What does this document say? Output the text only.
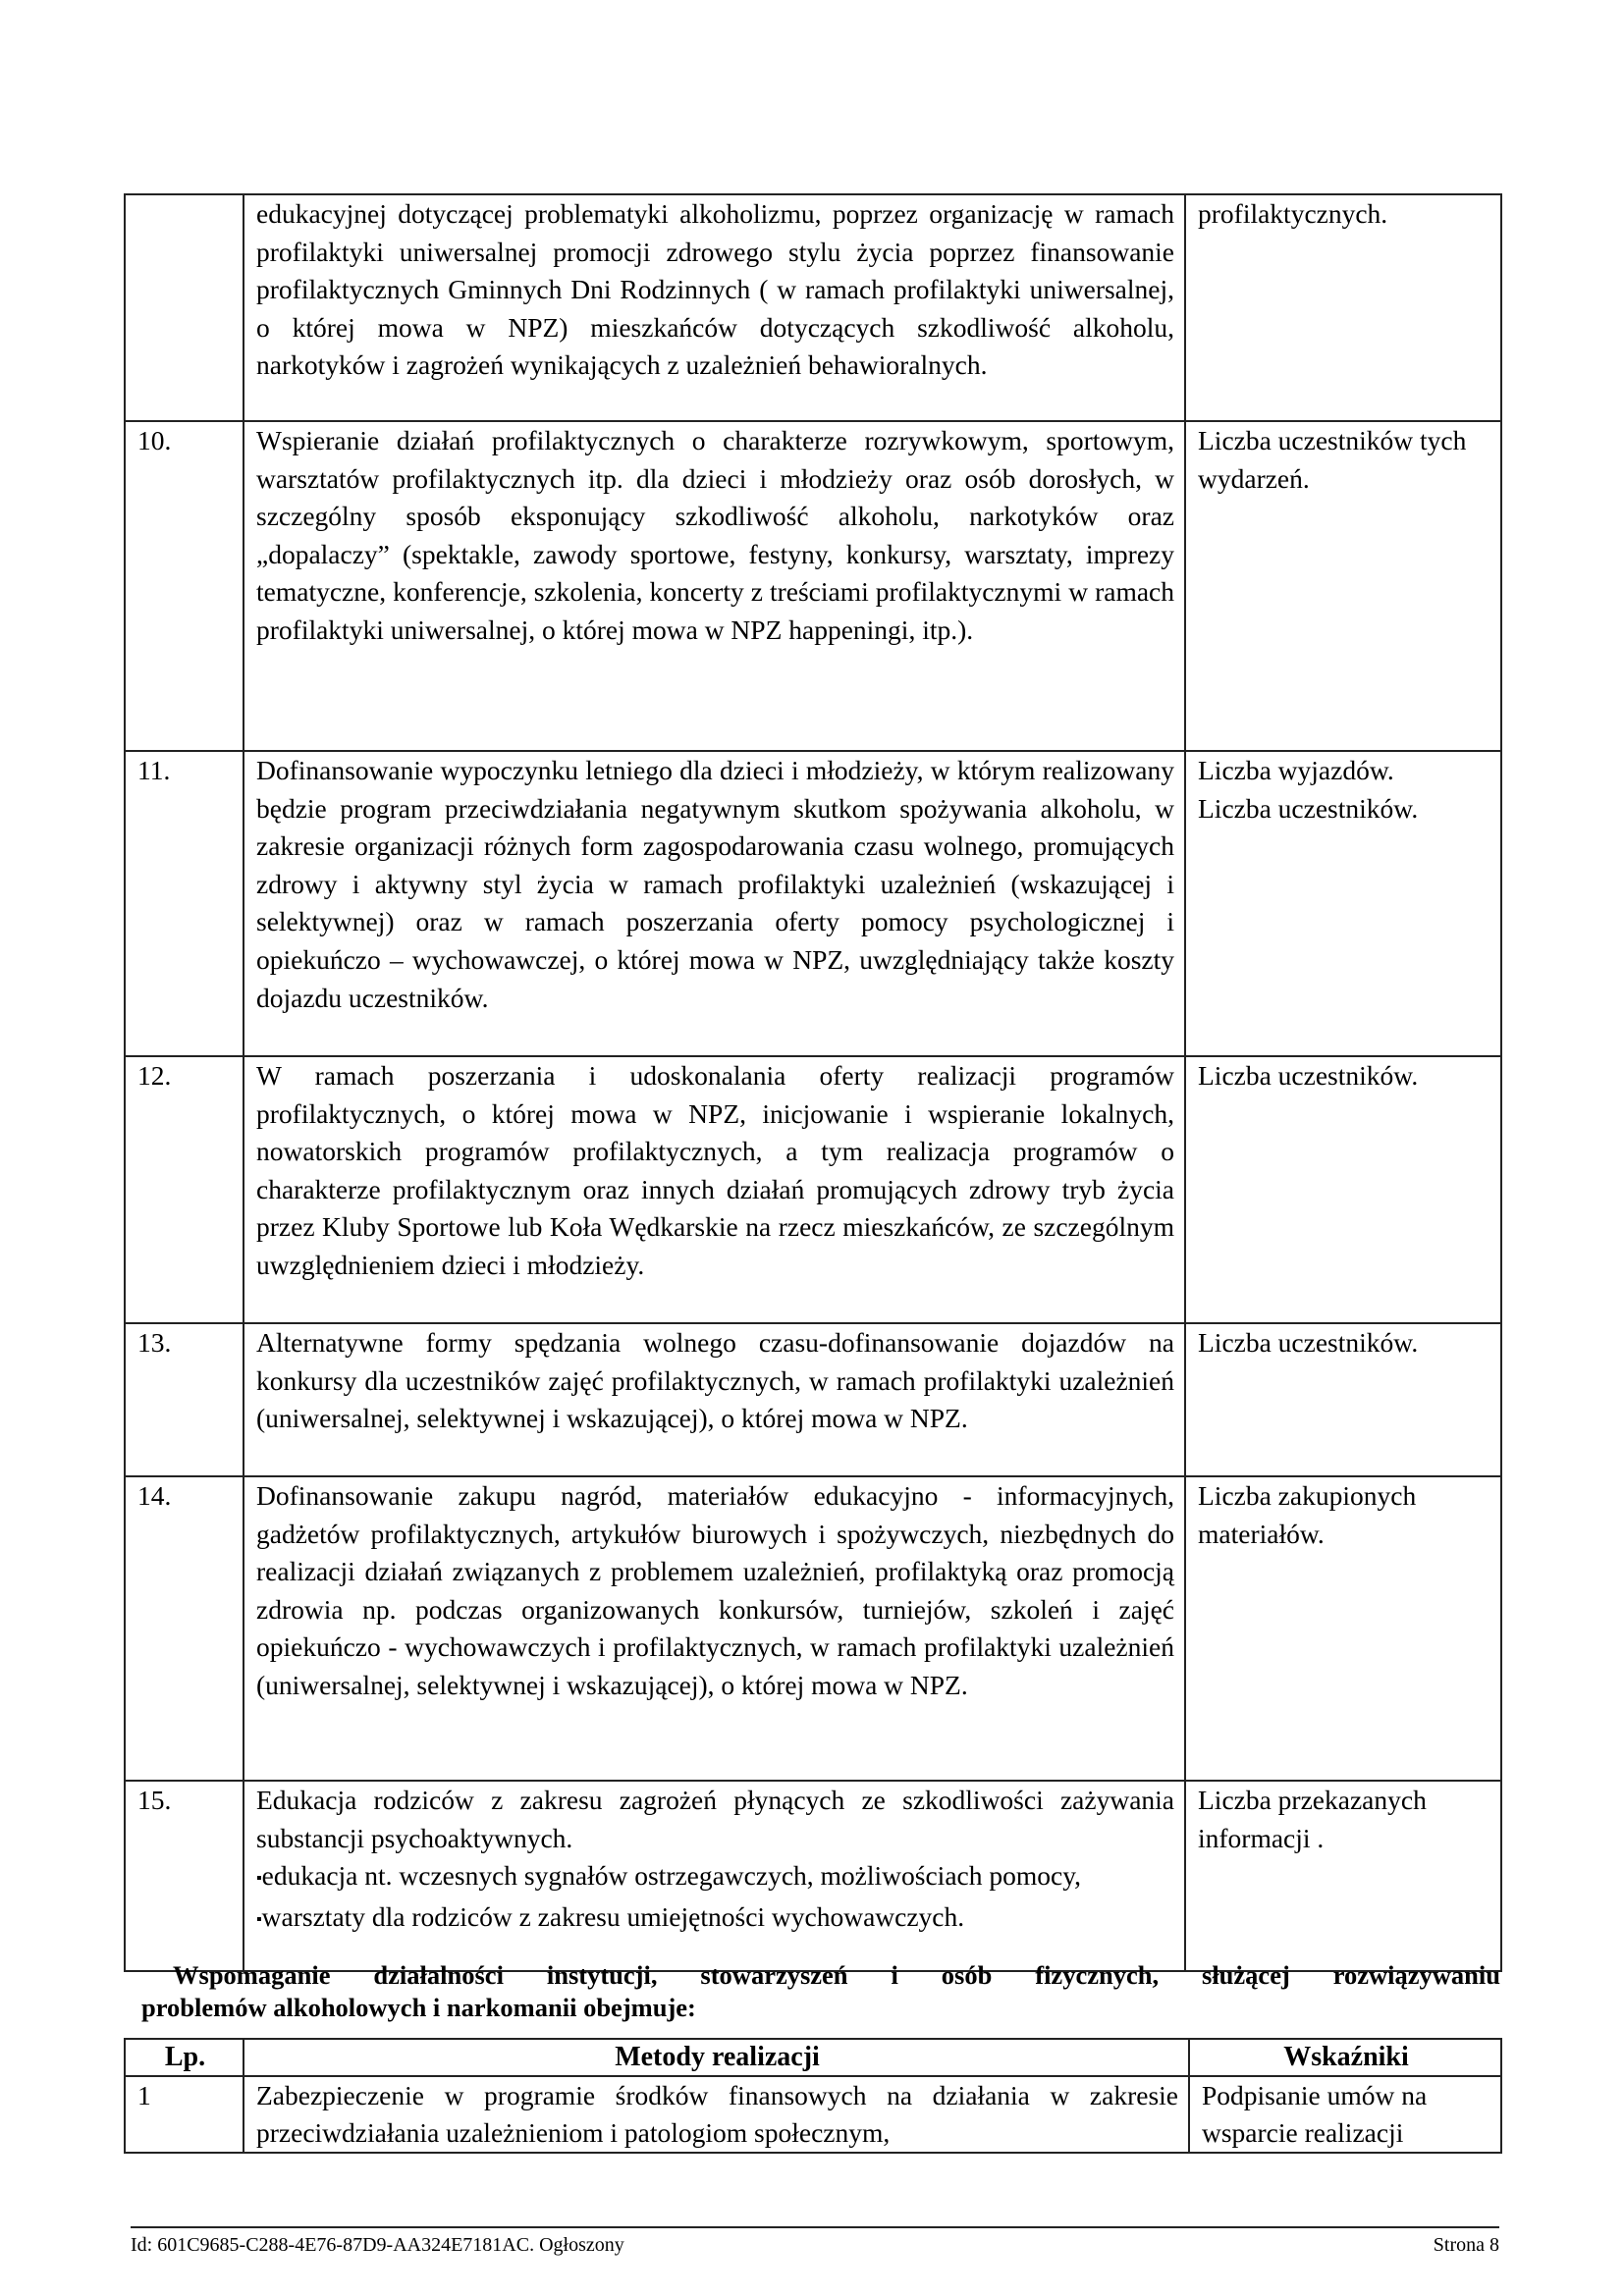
	edukacyjnej dotyczącej problematyki alkoholizmu, poprzez organizację w ramach profilaktyki uniwersalnej promocji zdrowego stylu życia poprzez finansowanie profilaktycznych Gminnych Dni Rodzinnych ( w ramach profilaktyki uniwersalnej, o której mowa w NPZ) mieszkańców dotyczących szkodliwość alkoholu, narkotyków i zagrożeń wynikających z uzależnień behawioralnych.	profilaktycznych.
10.	Wspieranie działań profilaktycznych o charakterze rozrywkowym, sportowym, warsztatów profilaktycznych itp. dla dzieci i młodzieży oraz osób dorosłych, w szczególny sposób eksponujący szkodliwość alkoholu, narkotyków oraz „dopalaczy” (spektakle, zawody sportowe, festyny, konkursy, warsztaty, imprezy tematyczne, konferencje, szkolenia, koncerty z treściami profilaktycznymi w ramach profilaktyki uniwersalnej, o której mowa w NPZ happeningi, itp.).	Liczba uczestników tych wydarzeń.
11.	Dofinansowanie wypoczynku letniego dla dzieci i młodzieży, w którym realizowany będzie program przeciwdziałania negatywnym skutkom spożywania alkoholu, w zakresie organizacji różnych form zagospodarowania czasu wolnego, promujących zdrowy i aktywny styl życia w ramach profilaktyki uzależnień (wskazującej i selektywnej) oraz w ramach poszerzania oferty pomocy psychologicznej i opiekuńczo – wychowawczej, o której mowa w NPZ, uwzględniający także koszty dojazdu uczestników.	Liczba wyjazdów.
Liczba uczestników.

12.	W ramach poszerzania i udoskonalania oferty realizacji programów profilaktycznych, o której mowa w NPZ, inicjowanie i wspieranie lokalnych, nowatorskich programów profilaktycznych, a tym realizacja programów o charakterze profilaktycznym oraz innych działań promujących zdrowy tryb życia przez Kluby Sportowe lub Koła Wędkarskie na rzecz mieszkańców, ze szczególnym uwzględnieniem dzieci i młodzieży.	Liczba uczestników.
13.	Alternatywne formy spędzania wolnego czasu-dofinansowanie dojazdów na konkursy dla uczestników zajęć profilaktycznych, w ramach profilaktyki uzależnień (uniwersalnej, selektywnej i wskazującej), o której mowa w NPZ.	Liczba uczestników.
14.	Dofinansowanie zakupu nagród, materiałów edukacyjno - informacyjnych, gadżetów profilaktycznych, artykułów biurowych i spożywczych, niezbędnych do realizacji działań związanych z problemem uzależnień, profilaktyką oraz promocją zdrowia np. podczas organizowanych konkursów, turniejów, szkoleń i zajęć opiekuńczo - wychowawczych i profilaktycznych, w ramach profilaktyki uzależnień (uniwersalnej, selektywnej i wskazującej), o której mowa w NPZ.	Liczba zakupionych materiałów.
15.	Edukacja rodziców z zakresu zagrożeń płynących ze szkodliwości zażywania substancji psychoaktywnych.
▪edukacja nt. wczesnych sygnałów ostrzegawczych, możliwościach pomocy,
▪warsztaty dla rodziców z zakresu umiejętności wychowawczych.	Liczba przekazanych informacji .
Wspomaganie działalności instytucji, stowarzyszeń i osób fizycznych, służącej rozwiązywaniu
problemów alkoholowych i narkomanii obejmuje:
Lp.	Metody realizacji	Wskaźniki
1	Zabezpieczenie w programie środków finansowych na działania w zakresie przeciwdziałania uzależnieniom i patologiom społecznym,	Podpisanie umów na wsparcie realizacji
Id: 601C9685-C288-4E76-87D9-AA324E7181AC. Ogłoszony	Strona 8
